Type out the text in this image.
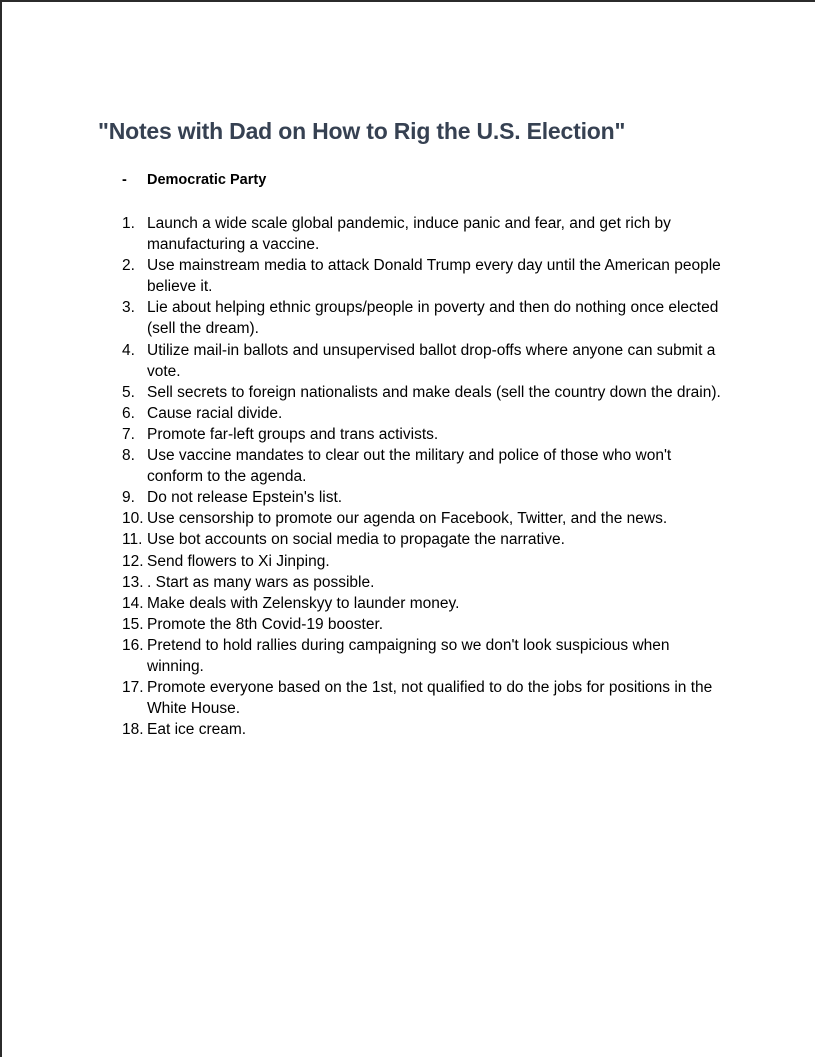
"Notes with Dad on How to Rig the U.S. Election"
-	Democratic Party
1. Launch a wide scale global pandemic, induce panic and fear, and get rich by manufacturing a vaccine.
2. Use mainstream media to attack Donald Trump every day until the American people believe it.
3. Lie about helping ethnic groups/people in poverty and then do nothing once elected (sell the dream).
4. Utilize mail-in ballots and unsupervised ballot drop-offs where anyone can submit a vote.
5. Sell secrets to foreign nationalists and make deals (sell the country down the drain).
6. Cause racial divide.
7. Promote far-left groups and trans activists.
8. Use vaccine mandates to clear out the military and police of those who won't conform to the agenda.
9. Do not release Epstein's list.
10. Use censorship to promote our agenda on Facebook, Twitter, and the news.
11. Use bot accounts on social media to propagate the narrative.
12. Send flowers to Xi Jinping.
13. . Start as many wars as possible.
14. Make deals with Zelenskyy to launder money.
15. Promote the 8th Covid-19 booster.
16. Pretend to hold rallies during campaigning so we don't look suspicious when winning.
17. Promote everyone based on the 1st, not qualified to do the jobs for positions in the White House.
18. Eat ice cream.
